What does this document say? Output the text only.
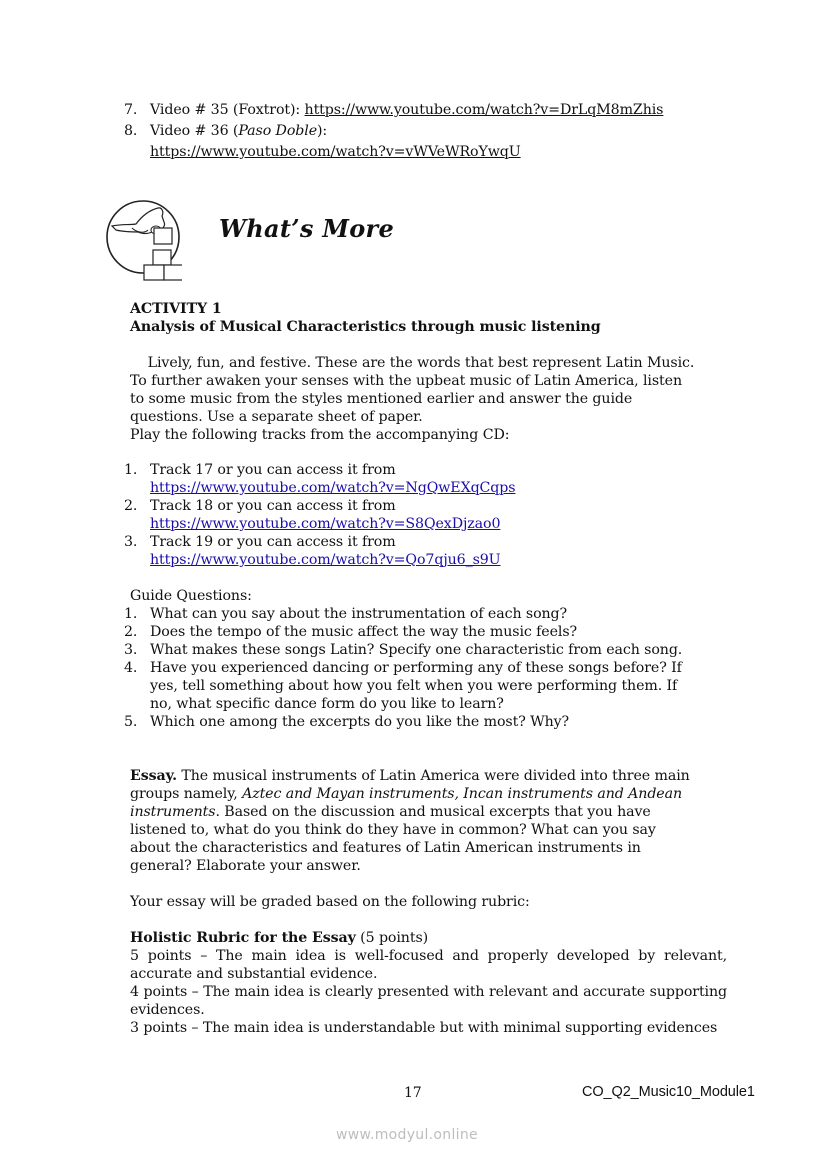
7. Video # 35 (Foxtrot): https://www.youtube.com/watch?v=DrLqM8mZhis
8. Video # 36 (Paso Doble):
https://www.youtube.com/watch?v=vWVeWRoYwqU
What’s More
ACTIVITY 1
Analysis of Musical Characteristics through music listening
Lively, fun, and festive. These are the words that best represent Latin Music.
To further awaken your senses with the upbeat music of Latin America, listen
to some music from the styles mentioned earlier and answer the guide
questions. Use a separate sheet of paper.
Play the following tracks from the accompanying CD:
1. Track 17 or you can access it from
https://www.youtube.com/watch?v=NgQwEXqCqps
2. Track 18 or you can access it from
https://www.youtube.com/watch?v=S8QexDjzao0
3. Track 19 or you can access it from
https://www.youtube.com/watch?v=Qo7qju6_s9U
Guide Questions:
1. What can you say about the instrumentation of each song?
2. Does the tempo of the music affect the way the music feels?
3. What makes these songs Latin? Specify one characteristic from each song.
4. Have you experienced dancing or performing any of these songs before? If
yes, tell something about how you felt when you were performing them. If
no, what specific dance form do you like to learn?
5. Which one among the excerpts do you like the most? Why?
Essay. The musical instruments of Latin America were divided into three main
groups namely, Aztec and Mayan instruments, Incan instruments and Andean
instruments. Based on the discussion and musical excerpts that you have
listened to, what do you think do they have in common? What can you say
about the characteristics and features of Latin American instruments in
general? Elaborate your answer.
Your essay will be graded based on the following rubric:
Holistic Rubric for the Essay (5 points)
5 points – The main idea is well-focused and properly developed by relevant, accurate and substantial evidence.
4 points – The main idea is clearly presented with relevant and accurate supporting evidences.
3 points – The main idea is understandable but with minimal supporting evidences
17	CO_Q2_Music10_Module1
www.modyul.online
